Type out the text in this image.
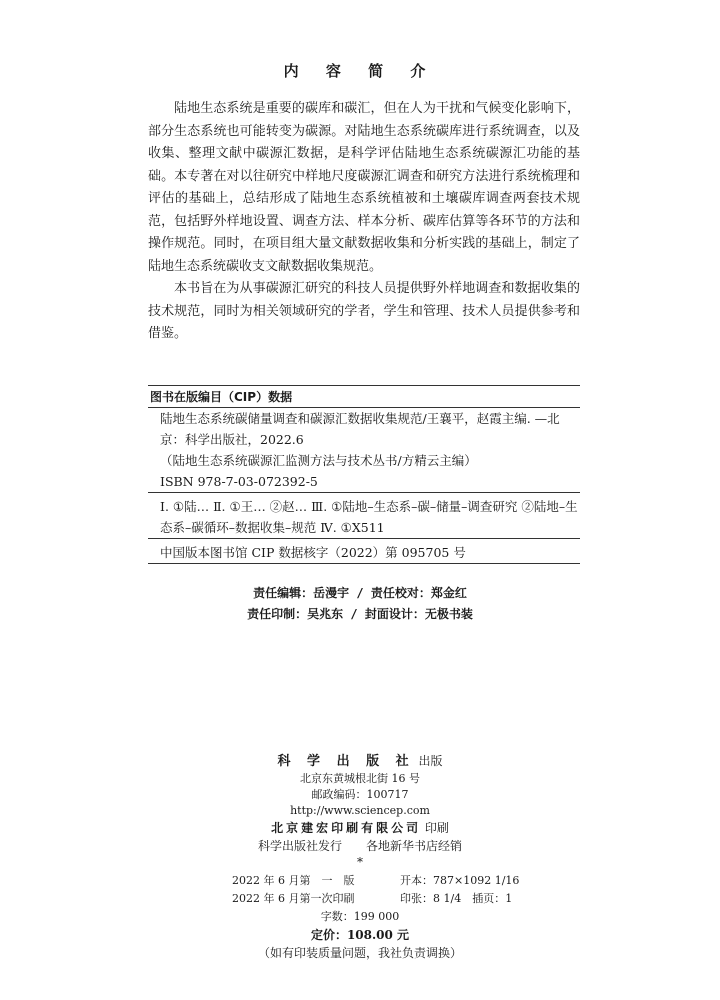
内 容 简 介

陆地生态系统是重要的碳库和碳汇，但在人为干扰和气候变化影响下，部分生态系统也可能转变为碳源。对陆地生态系统碳库进行系统调查，以及收集、整理文献中碳源汇数据，是科学评估陆地生态系统碳源汇功能的基础。本专著在对以往研究中样地尺度碳源汇调查和研究方法进行系统梳理和评估的基础上，总结形成了陆地生态系统植被和土壤碳库调查两套技术规范，包括野外样地设置、调查方法、样本分析、碳库估算等各环节的方法和操作规范。同时，在项目组大量文献数据收集和分析实践的基础上，制定了陆地生态系统碳收支文献数据收集规范。

本书旨在为从事碳源汇研究的科技人员提供野外样地调查和数据收集的技术规范，同时为相关领域研究的学者，学生和管理、技术人员提供参考和借鉴。

图书在版编目（CIP）数据

陆地生态系统碳储量调查和碳源汇数据收集规范/王襄平，赵霞主编. —北京：科学出版社，2022.6

（陆地生态系统碳源汇监测方法与技术丛书/方精云主编）

ISBN 978-7-03-072392-5

Ⅰ. ①陆… Ⅱ. ①王… ②赵… Ⅲ. ①陆地–生态系–碳–储量–调查研究 ②陆地–生态系–碳循环–数据收集–规范 Ⅳ. ①X511

中国版本图书馆 CIP 数据核字（2022）第 095705 号

责任编辑：岳漫宇 / 责任校对：郑金红

责任印制：吴兆东 / 封面设计：无极书装

科 学 出 版 社 出版

北京东黄城根北街 16 号

邮政编码：100717

http://www.sciencep.com

北京建宏印刷有限公司 印刷

科学出版社发行　　各地新华书店经销

*

2022 年 6 月第　一　版	开本：787×1092 1/16
2022 年 6 月第一次印刷	印张：8 1/4　插页：1
字数：199 000
定价：108.00 元
（如有印装质量问题，我社负责调换）
